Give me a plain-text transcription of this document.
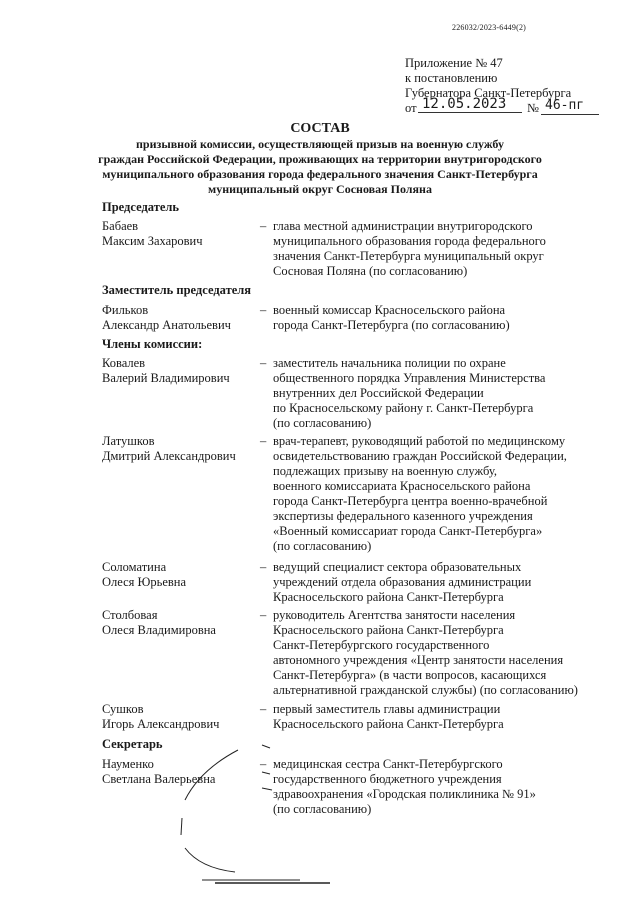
226032/2023-6449(2)
Приложение № 47
к постановлению
Губернатора Санкт-Петербурга
от 12.05.2023 № 46-пг
СОСТАВ
призывной комиссии, осуществляющей призыв на военную службу
граждан Российской Федерации, проживающих на территории внутригородского
муниципального образования города федерального значения Санкт-Петербурга
муниципальный округ Сосновая Поляна
Председатель
Бабаев
Максим Захарович
– глава местной администрации внутригородского
муниципального образования города федерального
значения Санкт-Петербурга муниципальный округ
Сосновая Поляна (по согласованию)
Заместитель председателя
Фильков
Александр Анатольевич
– военный комиссар Красносельского района
города Санкт-Петербурга (по согласованию)
Члены комиссии:
Ковалев
Валерий Владимирович
– заместитель начальника полиции по охране
общественного порядка Управления Министерства
внутренних дел Российской Федерации
по Красносельскому району г. Санкт-Петербурга
(по согласованию)
Латушков
Дмитрий Александрович
– врач-терапевт, руководящий работой по медицинскому
освидетельствованию граждан Российской Федерации,
подлежащих призыву на военную службу,
военного комиссариата Красносельского района
города Санкт-Петербурга центра военно-врачебной
экспертизы федерального казенного учреждения
«Военный комиссариат города Санкт-Петербурга»
(по согласованию)
Соломатина
Олеся Юрьевна
– ведущий специалист сектора образовательных
учреждений отдела образования администрации
Красносельского района Санкт-Петербурга
Столбовая
Олеся Владимировна
– руководитель Агентства занятости населения
Красносельского района Санкт-Петербурга
Санкт-Петербургского государственного
автономного учреждения «Центр занятости населения
Санкт-Петербурга» (в части вопросов, касающихся
альтернативной гражданской службы) (по согласованию)
Сушков
Игорь Александрович
– первый заместитель главы администрации
Красносельского района Санкт-Петербурга
Секретарь
Науменко
Светлана Валерьевна
– медицинская сестра Санкт-Петербургского
государственного бюджетного учреждения
здравоохранения «Городская поликлиника № 91»
(по согласованию)
